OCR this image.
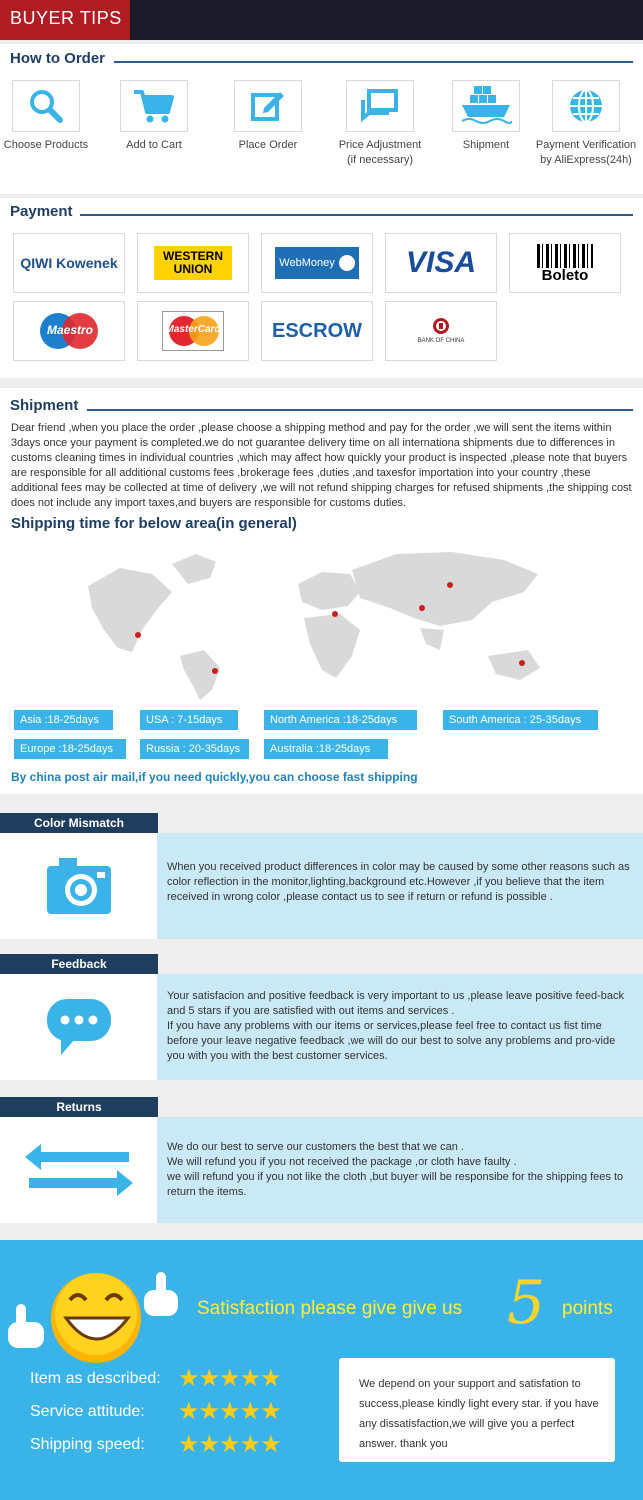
BUYER TIPS
How to Order
Choose Products	Add to Cart	Place Order	Price Adjustment
(if necessary)
Shipment	Payment Verification
by AliExpress(24h)
Payment
QIWI Kowenek	WESTERN UNION	WebMoney VISA	Boleto
Maestro	MasterCard	ESCROW	BANK OF CHINA
Shipment
Dear friend ,when you place the order ,please choose a shipping method and pay for the order ,we will sent the items within 3days once your payment is completed.we do not guarantee delivery time on all internationa shipments due to differences in customs cleaning times in individual countries ,which may affect how quickly your product is inspected ,please note that buyers are responsible for all additional customs fees ,brokerage fees ,duties ,and taxesfor importation into your country ,these additional fees may be collected at time of delivery ,we will not refund shipping charges for refused shipments ,the shipping cost does not include any import taxes,and buyers are responsible for customs duties.
Shipping time for below area(in general)
Asia :18-25days	USA : 7-15days	North America :18-25days	South America : 25-35days
Europe :18-25days	Russia : 20-35days	Australia :18-25days
By china post air mail,if you need quickly,you can choose fast shipping
Color Mismatch

When you received product differences in color may be caused by some other reasons such as color reflection in the monitor,lighting,background etc.However ,if you believe that the item received in wrong color ,please contact us to see if return or refund is possible .

Feedback

Your satisfacion and positive feedback is very important to us ,please leave positive feed-back and 5 stars if you are satisfied with out items and services .
If you have any problems with our items or services,please feel free to contact us fist time before your leave negative feedback ,we will do our best to solve any problems and pro-vide you with you with the best customer services.

Returns

We do our best to serve our customers the best that we can .
We will refund you if you not received the package ,or cloth have faulty .
we will refund you if you not like the cloth ,but buyer will be responsibe for the shipping fees to return the items.

Satisfaction please give give us 5 points
Item as described: ★★★★★
Service attitude: ★★★★★
Shipping speed: ★★★★★

We depend on your support and satisfation to success,please kindly light every star. if you have any dissatisfaction,we will give you a perfect answer. thank you
